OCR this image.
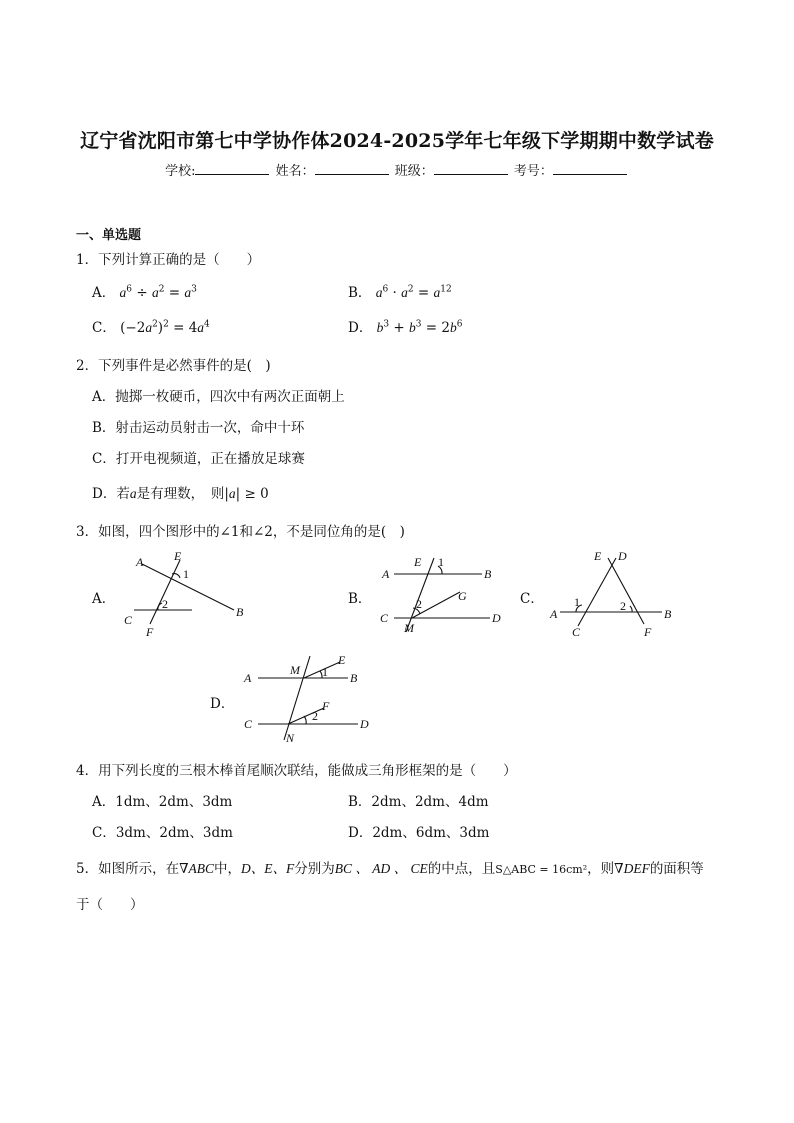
辽宁省沈阳市第七中学协作体2024-2025学年七年级下学期期中数学试卷
学校:	姓名：	班级：	考号：
一、单选题
1．下列计算正确的是（　　）
A． $a^6 \div a^2 = a^3$	B． $a^6 \cdot a^2 = a^{12}$
C． $(-2a^2)^2 = 4a^4$	D． $b^3 + b^3 = 2b^6$
2．下列事件是必然事件的是(　)
A．抛掷一枚硬币，四次中有两次正面朝上
B．射击运动员射击一次，命中十环
C．打开电视频道，正在播放足球赛
D．若a是有理数，　则|a| ≥ 0
3．如图，四个图形中的∠1和∠2，不是同位角的是(　)
A．	B．	C．
D．
A	E
1
2
C
F
B
A
E 1
B
G
2
C
M
D
E D
1	2
A	B
C	F
A
M
E
1 B
F
2
C	D
N
4．用下列长度的三根木棒首尾顺次联结，能做成三角形框架的是（　　）
A．1dm、2dm、3dm	B．2dm、2dm、4dm
C．3dm、2dm、3dm	D．2dm、6dm、3dm
5．如图所示，在∇ABC中，D、E、F分别为BC 、 AD 、 CE的中点，且S△ABC = 16cm²，则∇DEF的面积等
于（　　）
